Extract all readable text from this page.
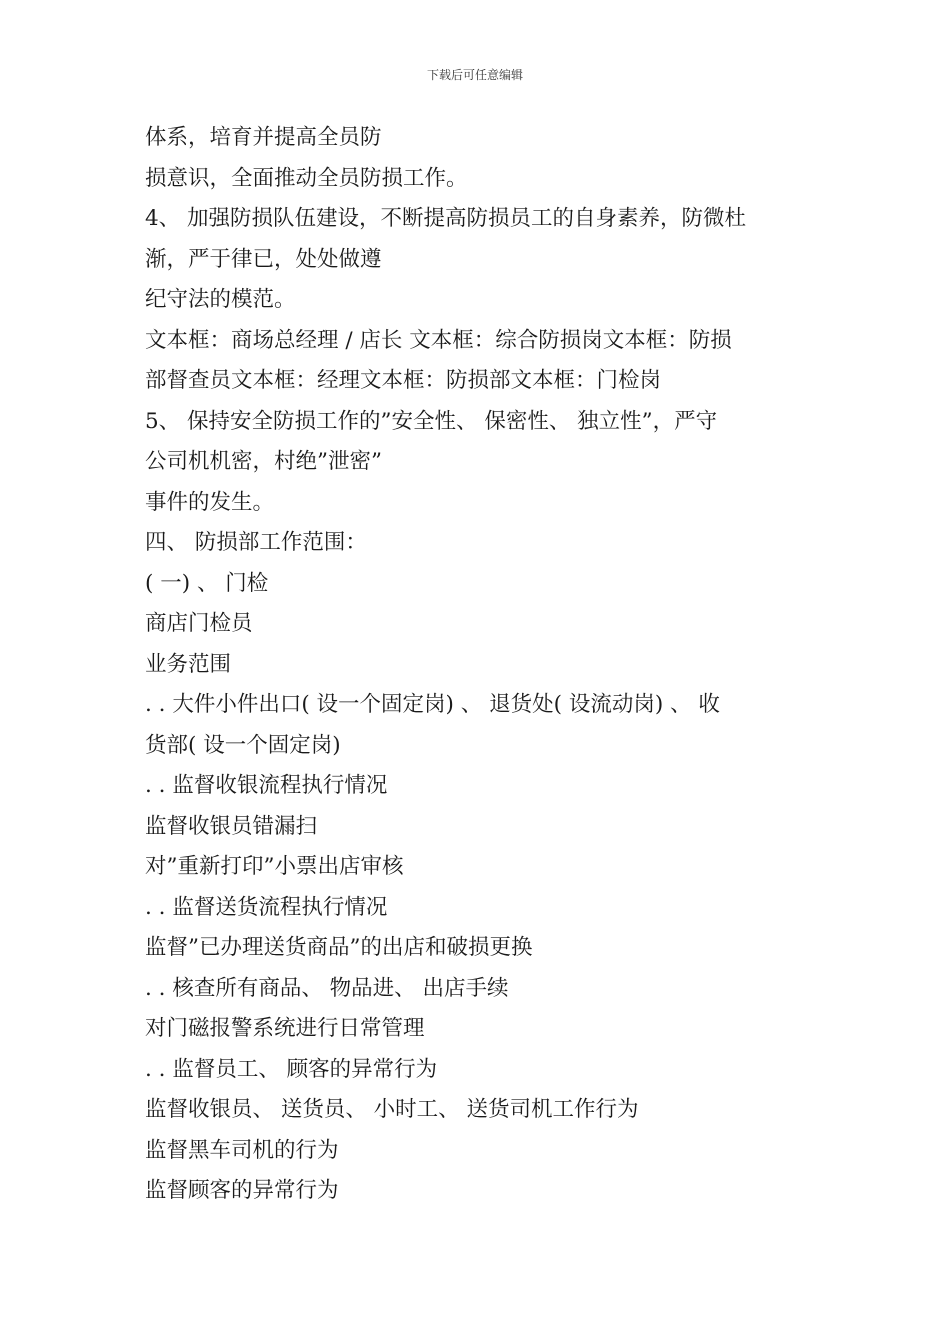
下载后可任意编辑
体系，培育并提高全员防
损意识，全面推动全员防损工作。
4、 加强防损队伍建设，不断提高防损员工的自身素养，防微杜
渐，严于律已，处处做遵
纪守法的模范。
文本框：商场总经理 / 店长 文本框：综合防损岗文本框：防损
部督查员文本框：经理文本框：防损部文本框：门检岗
5、 保持安全防损工作的”安全性、 保密性、 独立性”，严守
公司机机密，村绝”泄密”
事件的发生。
四、 防损部工作范围：
( 一) 、 门检
商店门检员
业务范围
. . 大件小件出口( 设一个固定岗) 、 退货处( 设流动岗) 、 收
货部( 设一个固定岗)
. . 监督收银流程执行情况
监督收银员错漏扫
对”重新打印”小票出店审核
. . 监督送货流程执行情况
监督”已办理送货商品”的出店和破损更换
. . 核查所有商品、 物品进、 出店手续
对门磁报警系统进行日常管理
. . 监督员工、 顾客的异常行为
监督收银员、 送货员、 小时工、 送货司机工作行为
监督黑车司机的行为
监督顾客的异常行为
